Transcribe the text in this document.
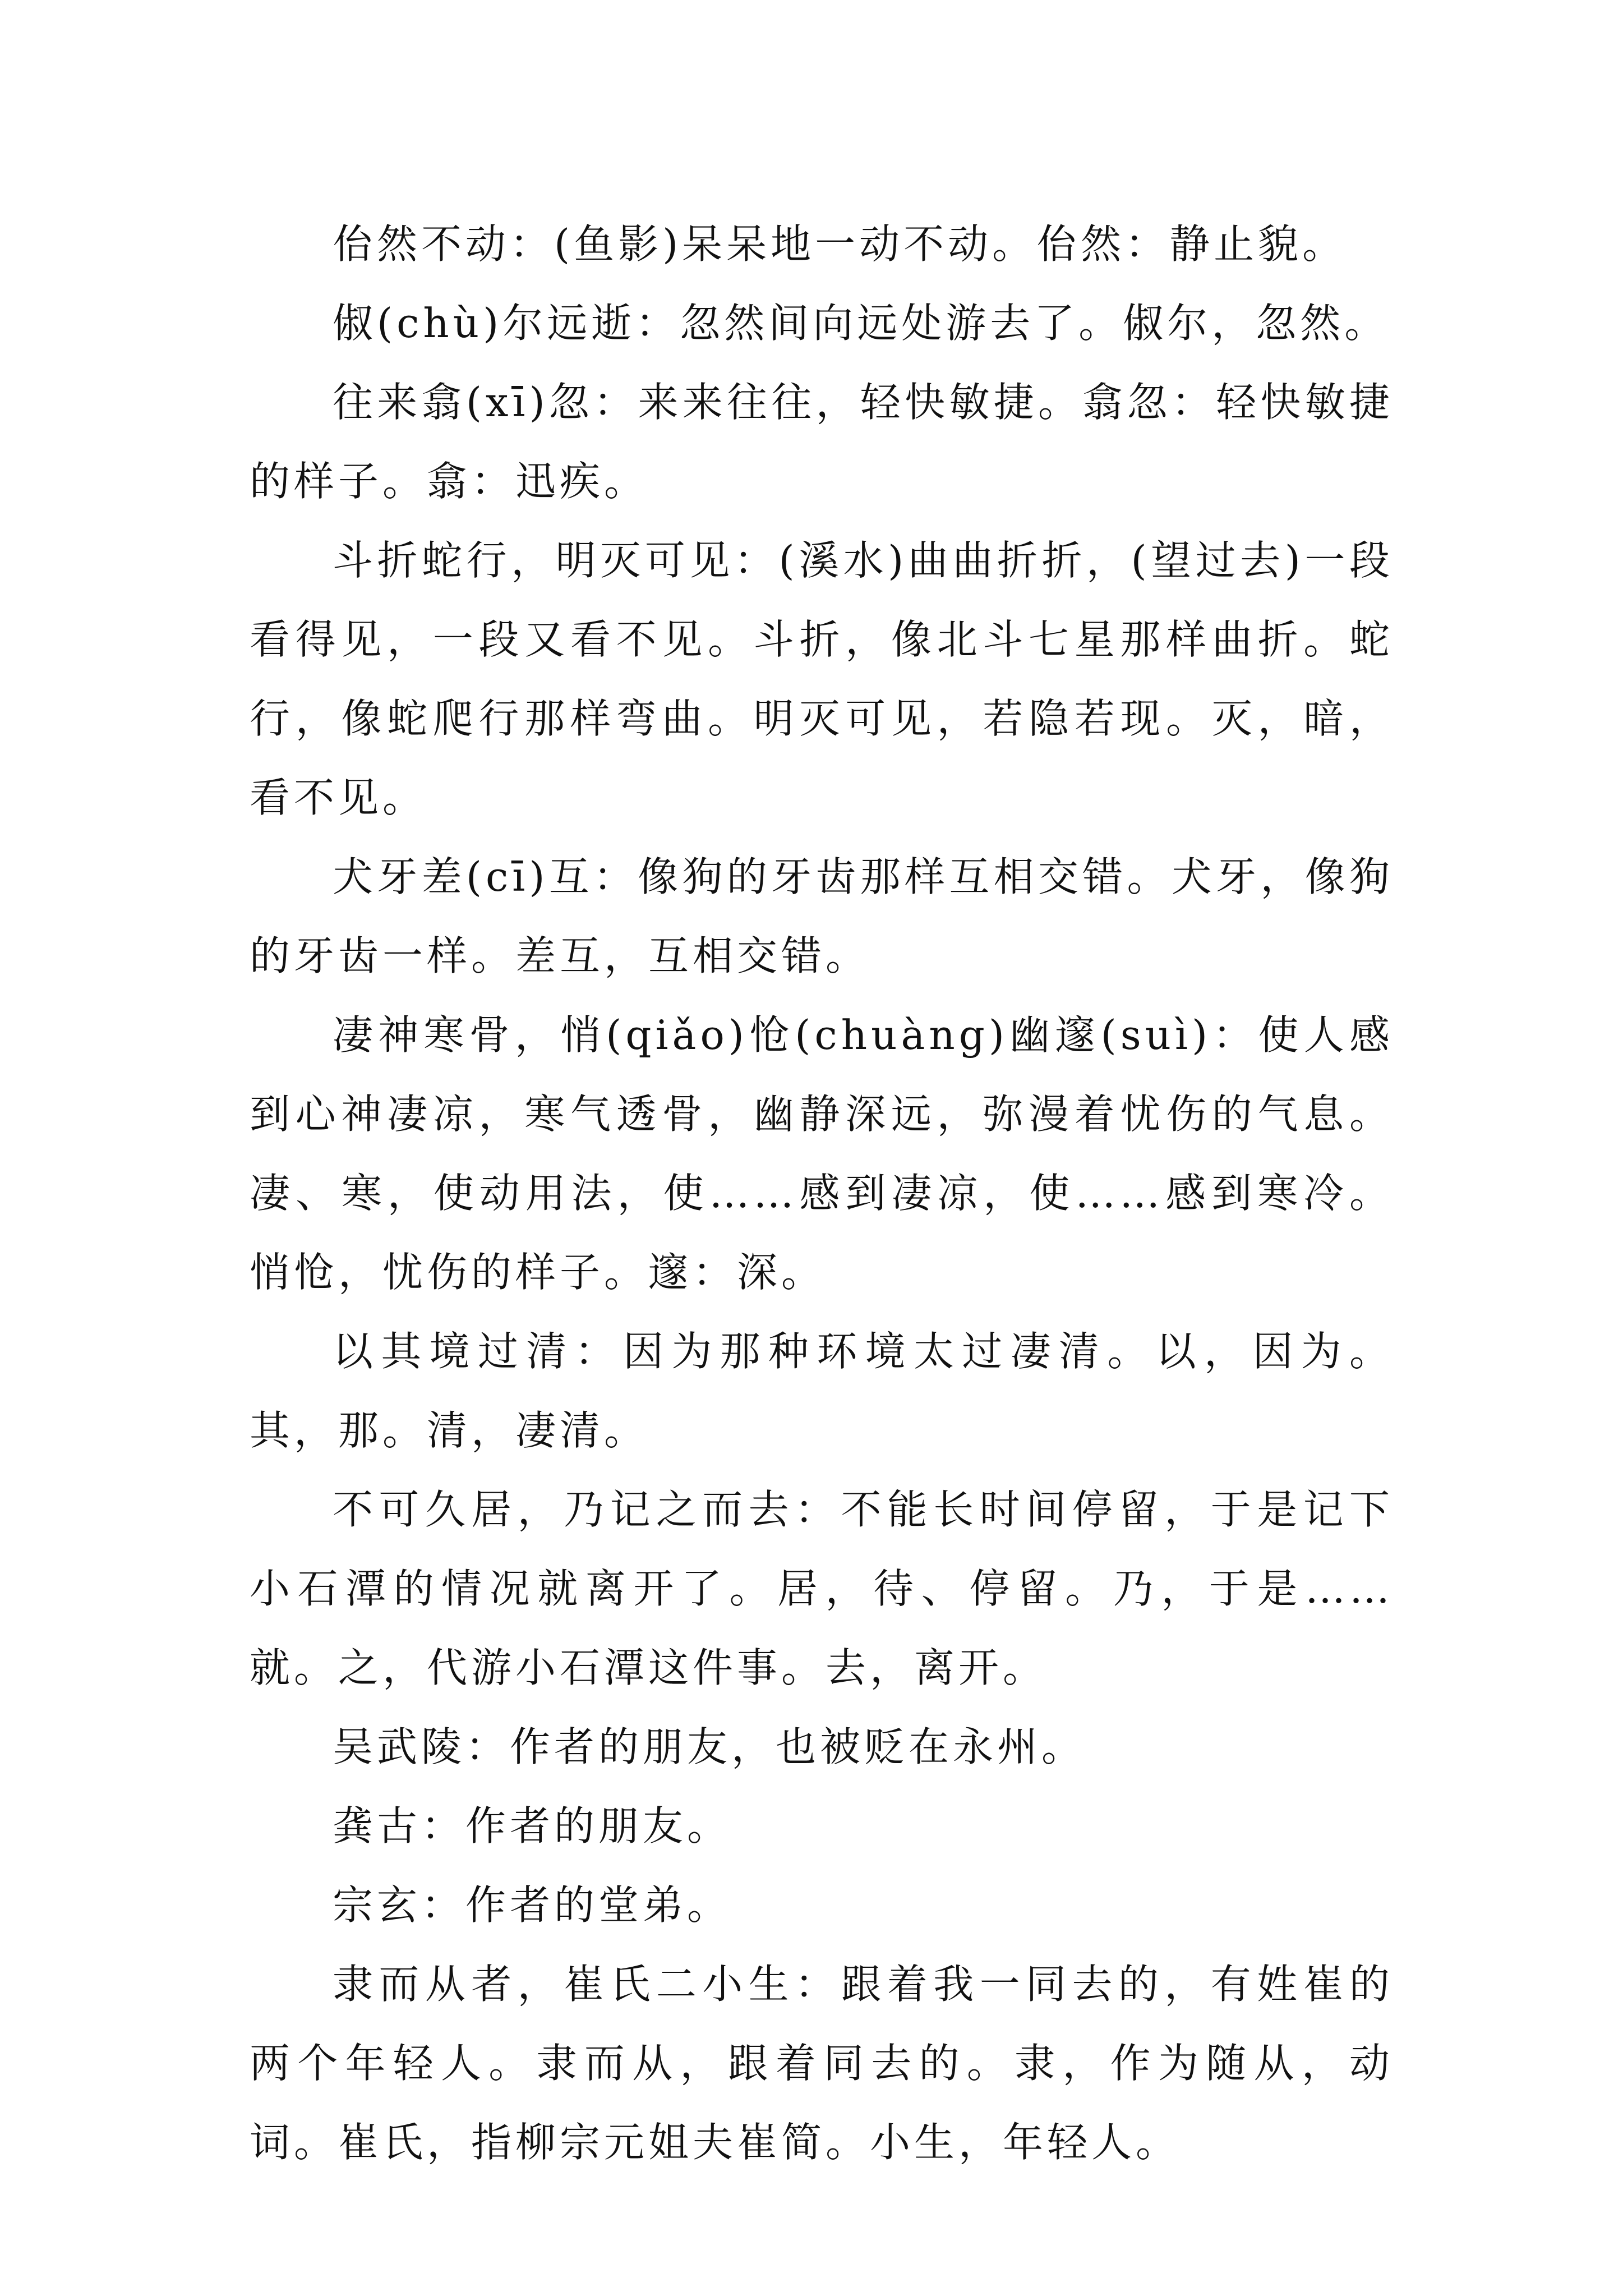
佁然不动：(鱼影)呆呆地一动不动。佁然：静止貌。

俶(chù)尔远逝：忽然间向远处游去了。俶尔，忽然。

往来翕(xī)忽：来来往往，轻快敏捷。翕忽：轻快敏捷的样子。翕：迅疾。

斗折蛇行，明灭可见：(溪水)曲曲折折，(望过去)一段看得见，一段又看不见。斗折，像北斗七星那样曲折。蛇行，像蛇爬行那样弯曲。明灭可见，若隐若现。灭，暗，看不见。

犬牙差(cī)互：像狗的牙齿那样互相交错。犬牙，像狗的牙齿一样。差互，互相交错。

凄神寒骨，悄(qiǎo)怆(chuàng)幽邃(suì)：使人感到心神凄凉，寒气透骨，幽静深远，弥漫着忧伤的气息。凄、寒，使动用法，使……感到凄凉，使……感到寒冷。悄怆，忧伤的样子。邃：深。

以其境过清：因为那种环境太过凄清。以，因为。其，那。清，凄清。

不可久居，乃记之而去：不能长时间停留，于是记下小石潭的情况就离开了。居，待、停留。乃，于是……就。之，代游小石潭这件事。去，离开。

吴武陵：作者的朋友，也被贬在永州。

龚古：作者的朋友。

宗玄：作者的堂弟。

隶而从者，崔氏二小生：跟着我一同去的，有姓崔的两个年轻人。隶而从，跟着同去的。隶，作为随从，动词。崔氏，指柳宗元姐夫崔简。小生，年轻人。
